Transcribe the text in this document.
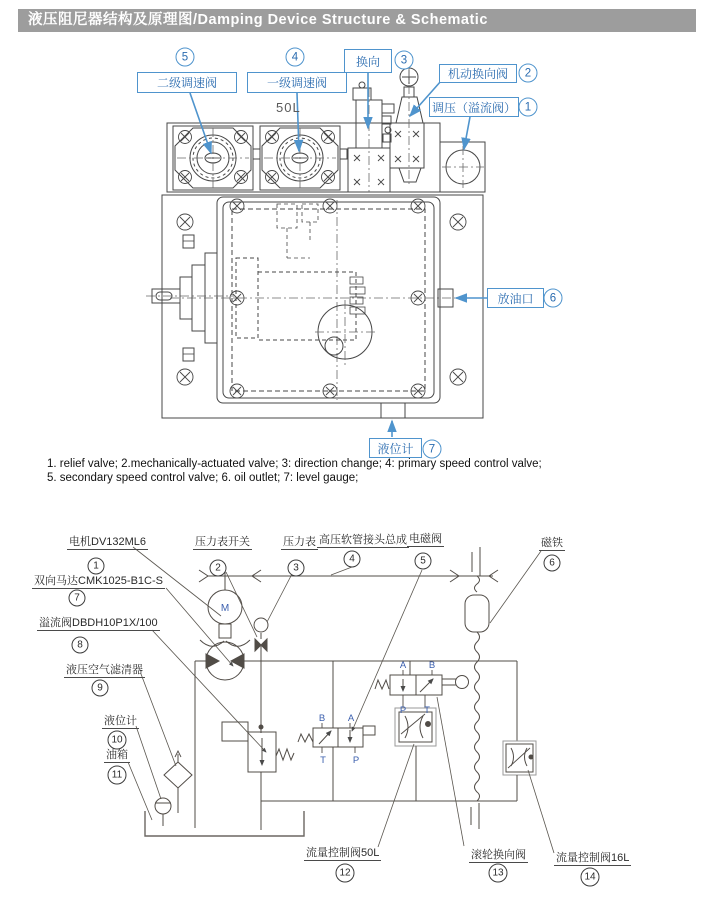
液压阻尼器结构及原理图/Damping Device Structure & Schematic
M
B A
T	P
A B
P T
二级调速阀	一级调速阀
换向
机动换向阀
调压（溢流阀）
放油口
液位计
5	4	3
2
1
6
7
50L
1. relief valve; 2.mechanically-actuated valve; 3: direction change; 4: primary speed control valve;
5. secondary speed control valve; 6. oil outlet; 7: level gauge;
电机DV132ML6	压力表开关	压力表 高压软管接头总成 电磁阀	磁铁
双向马达CMK1025-B1C-S
溢流阀DBDH10P1X/100
液压空气滤清器
液位计
油箱
流量控制阀50L	滚轮换向阀	流量控制阀16L
1	2	3
4	5	6
7
8
9
10
11
12	13	14
